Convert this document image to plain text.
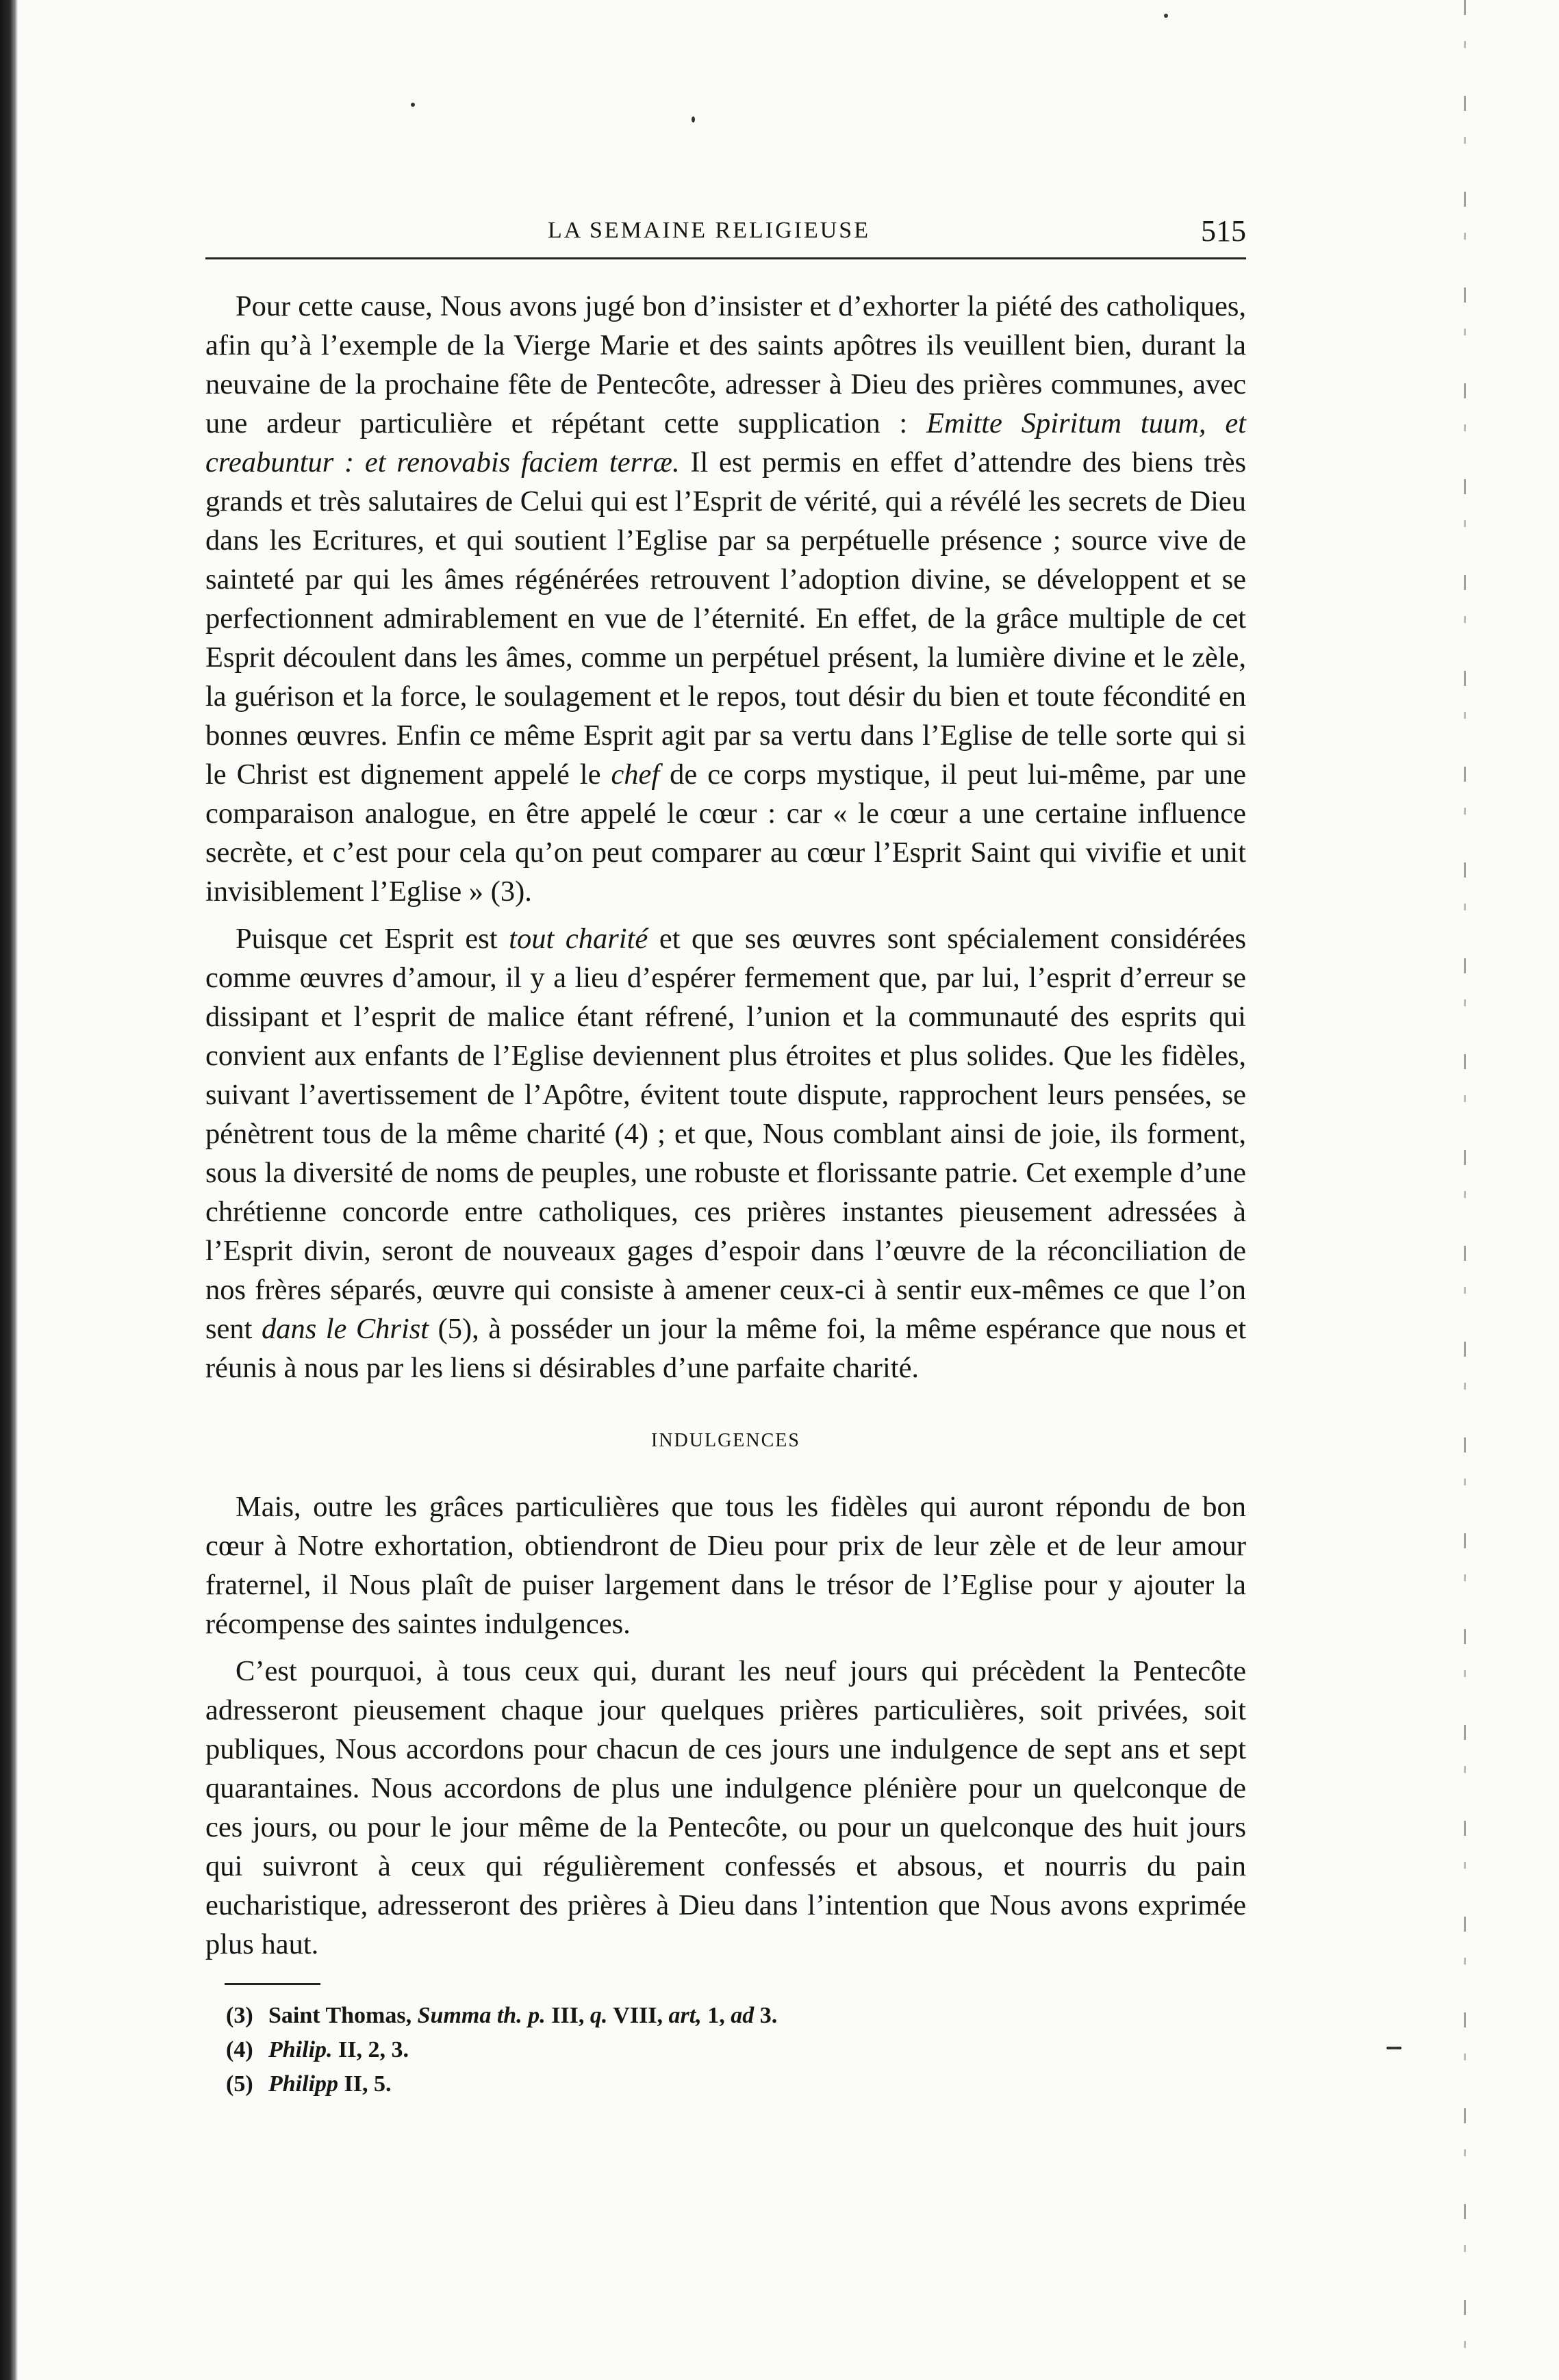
LA SEMAINE RELIGIEUSE	515

Pour cette cause, Nous avons jugé bon d’insister et d’exhorter la piété des catholiques, afin qu’à l’exemple de la Vierge Marie et des saints apôtres ils veuillent bien, durant la neuvaine de la prochaine fête de Pentecôte, adresser à Dieu des prières communes, avec une ardeur particulière et répétant cette supplication : Emitte Spiritum tuum, et creabuntur : et renovabis faciem terræ. Il est permis en effet d’attendre des biens très grands et très salutaires de Celui qui est l’Esprit de vérité, qui a révélé les secrets de Dieu dans les Ecritures, et qui soutient l’Eglise par sa perpétuelle présence ; source vive de sainteté par qui les âmes régénérées retrouvent l’adoption divine, se développent et se perfectionnent admirablement en vue de l’éternité. En effet, de la grâce multiple de cet Esprit découlent dans les âmes, comme un perpétuel présent, la lumière divine et le zèle, la guérison et la force, le soulagement et le repos, tout désir du bien et toute fécondité en bonnes œuvres. Enfin ce même Esprit agit par sa vertu dans l’Eglise de telle sorte qui si le Christ est dignement appelé le chef de ce corps mystique, il peut lui-même, par une comparaison analogue, en être appelé le cœur : car « le cœur a une certaine influence secrète, et c’est pour cela qu’on peut comparer au cœur l’Esprit Saint qui vivifie et unit invisiblement l’Eglise » (3).

Puisque cet Esprit est tout charité et que ses œuvres sont spécialement considérées comme œuvres d’amour, il y a lieu d’espérer fermement que, par lui, l’esprit d’erreur se dissipant et l’esprit de malice étant réfrené, l’union et la communauté des esprits qui convient aux enfants de l’Eglise deviennent plus étroites et plus solides. Que les fidèles, suivant l’avertissement de l’Apôtre, évitent toute dispute, rapprochent leurs pensées, se pénètrent tous de la même charité (4) ; et que, Nous comblant ainsi de joie, ils forment, sous la diversité de noms de peuples, une robuste et florissante patrie. Cet exemple d’une chrétienne concorde entre catholiques, ces prières instantes pieusement adressées à l’Esprit divin, seront de nouveaux gages d’espoir dans l’œuvre de la réconciliation de nos frères séparés, œuvre qui consiste à amener ceux-ci à sentir eux-mêmes ce que l’on sent dans le Christ (5), à posséder un jour la même foi, la même espérance que nous et réunis à nous par les liens si désirables d’une parfaite charité.

INDULGENCES

Mais, outre les grâces particulières que tous les fidèles qui auront répondu de bon cœur à Notre exhortation, obtiendront de Dieu pour prix de leur zèle et de leur amour fraternel, il Nous plaît de puiser largement dans le trésor de l’Eglise pour y ajouter la récompense des saintes indulgences.

C’est pourquoi, à tous ceux qui, durant les neuf jours qui précèdent la Pentecôte adresseront pieusement chaque jour quelques prières particulières, soit privées, soit publiques, Nous accordons pour chacun de ces jours une indulgence de sept ans et sept quarantaines. Nous accordons de plus une indulgence plénière pour un quelconque de ces jours, ou pour le jour même de la Pentecôte, ou pour un quelconque des huit jours qui suivront à ceux qui régulièrement confessés et absous, et nourris du pain eucharistique, adresseront des prières à Dieu dans l’intention que Nous avons exprimée plus haut.

(3) Saint Thomas, Summa th. p. III, q. VIII, art, 1, ad 3.
(4) Philip. II, 2, 3.
(5) Philipp II, 5.
